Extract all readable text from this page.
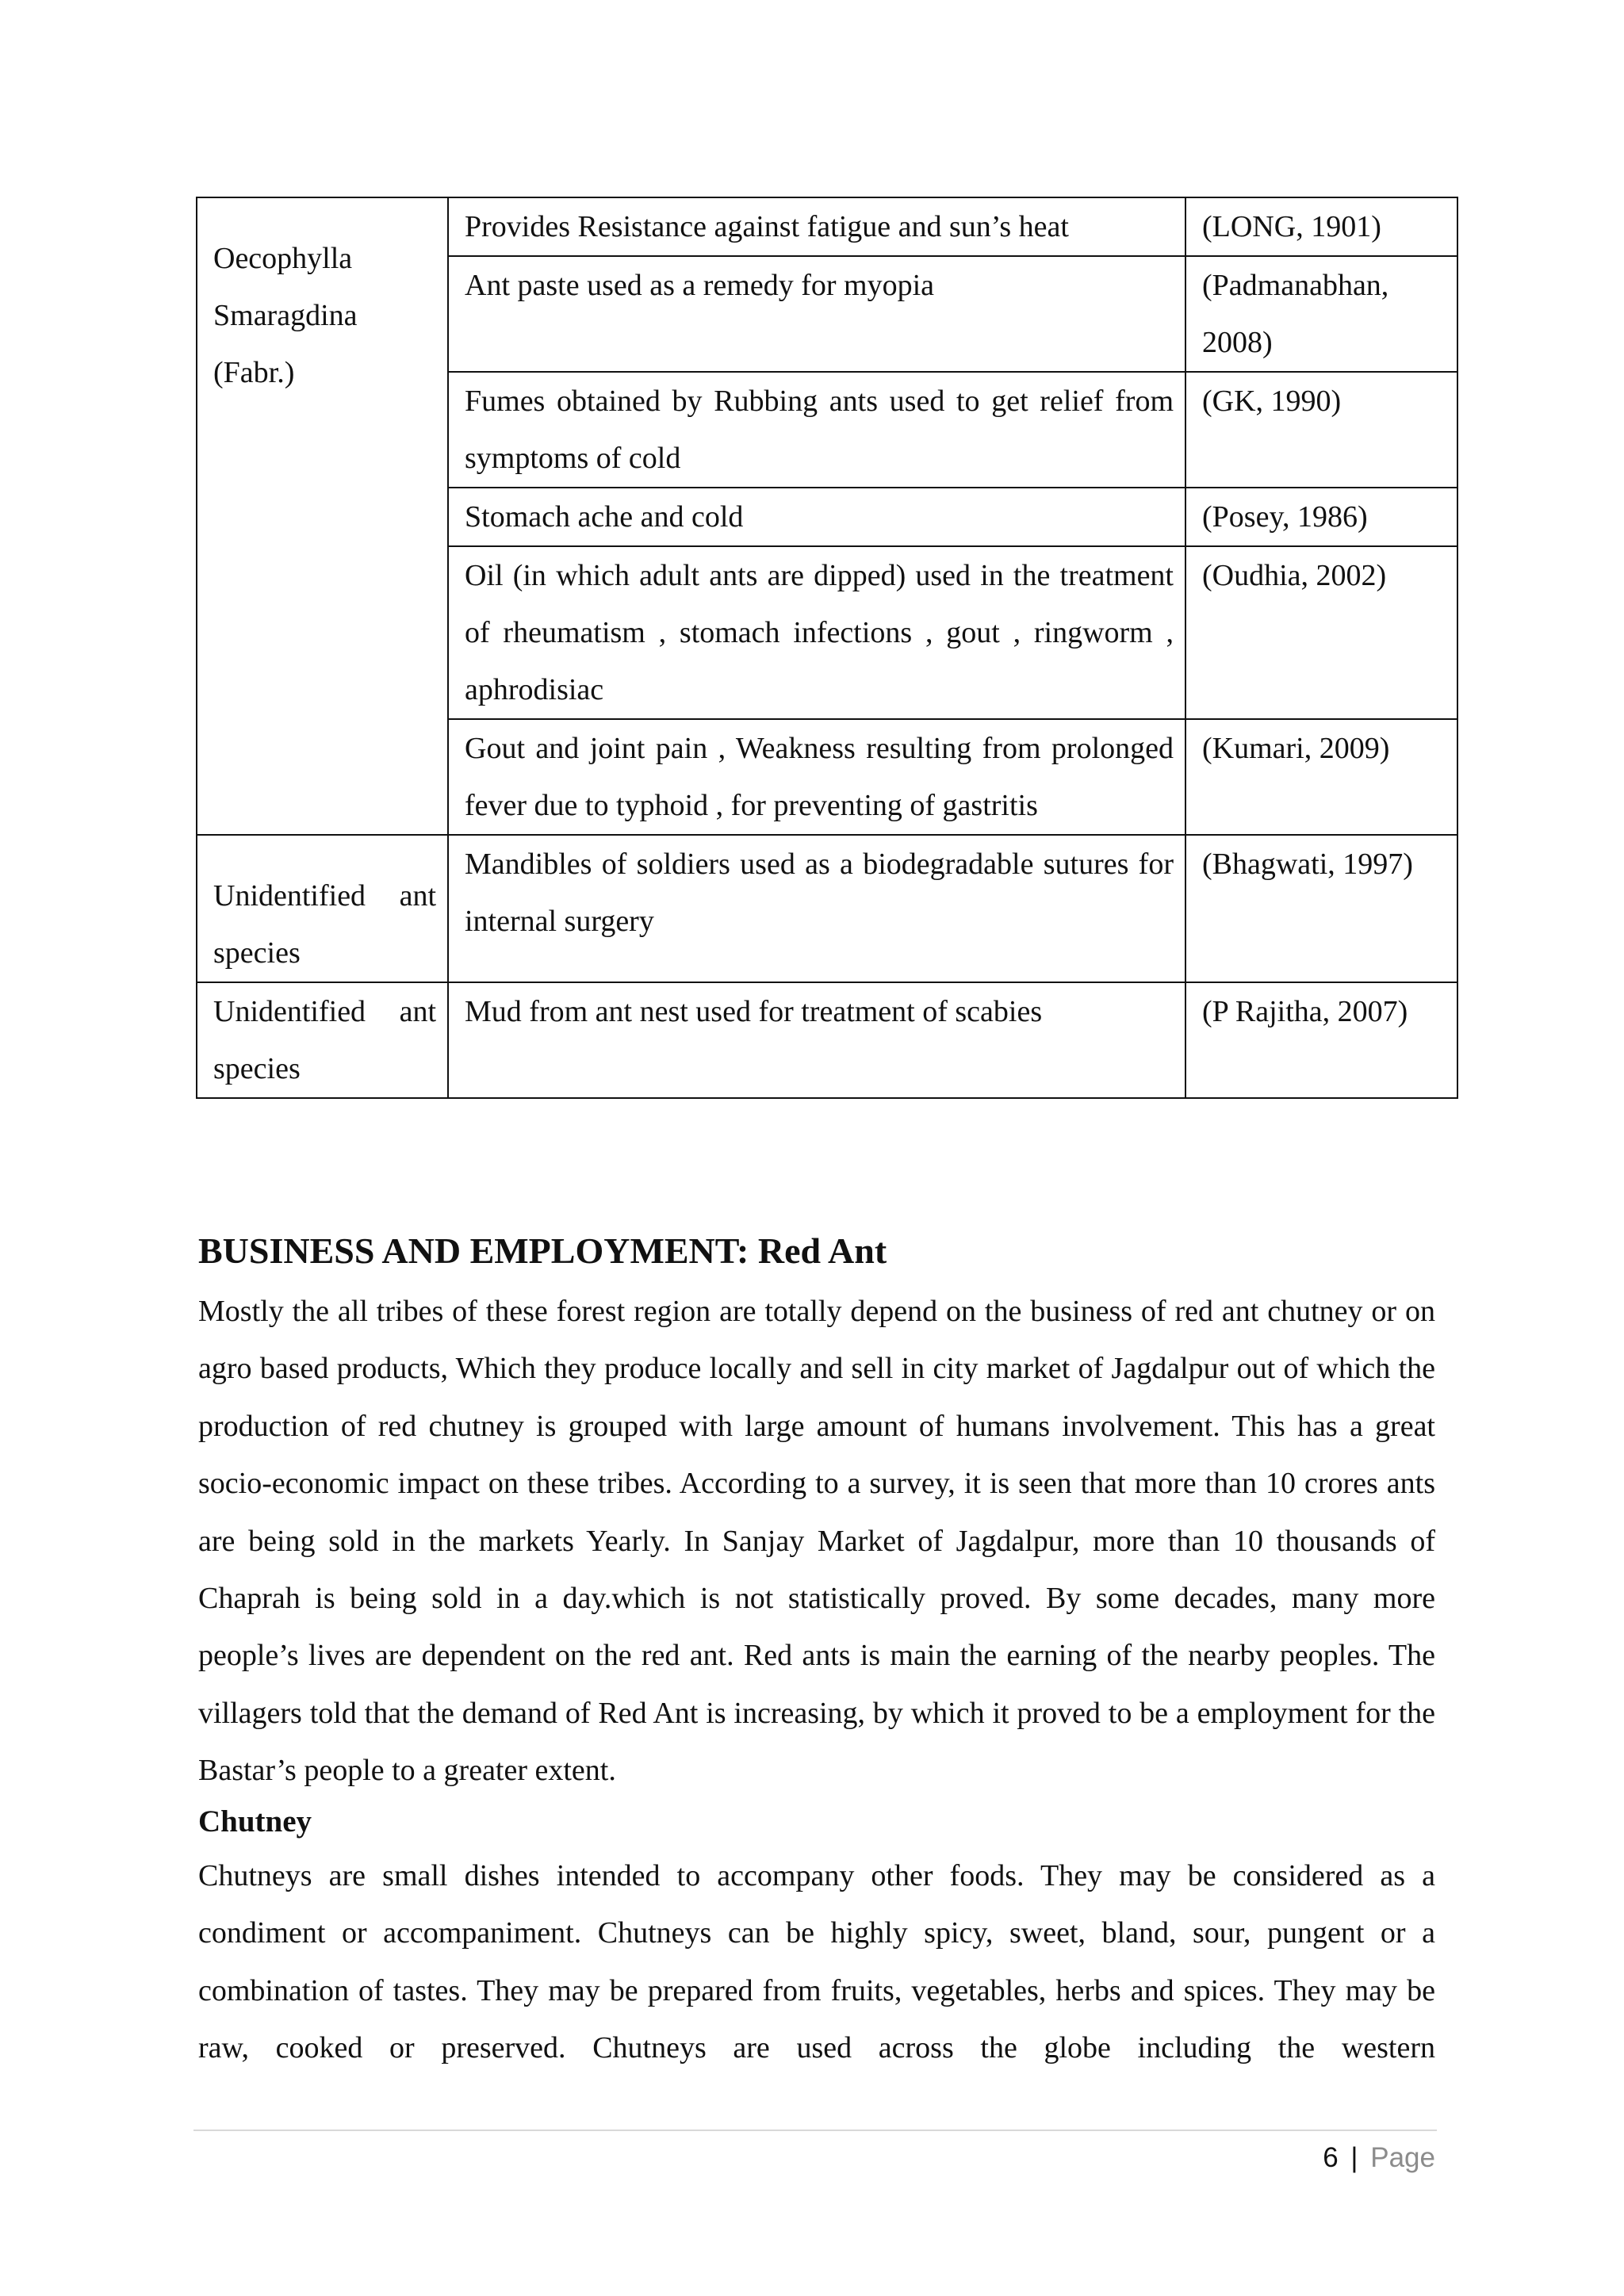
Oecophylla Smaragdina (Fabr.)	Provides Resistance against fatigue and sun’s heat	(LONG, 1901)
	Ant paste used as a remedy for myopia	(Padmanabhan, 2008)
	Fumes obtained by Rubbing ants used to get relief from symptoms of cold	(GK, 1990)
	Stomach ache and cold	(Posey, 1986)
	Oil (in which adult ants are dipped) used in the treatment of rheumatism , stomach infections , gout , ringworm , aphrodisiac	(Oudhia, 2002)
	Gout and joint pain , Weakness resulting from prolonged fever due to typhoid , for preventing of gastritis	(Kumari, 2009)
Unidentified ant species	Mandibles of soldiers used as a biodegradable sutures for internal surgery	(Bhagwati, 1997)
Unidentified ant species	Mud from ant nest used for treatment of scabies	(P Rajitha, 2007)
BUSINESS AND EMPLOYMENT: Red Ant

Mostly the all tribes of these forest region are totally depend on the business of red ant chutney or on agro based products, Which they produce locally and sell in city market of Jagdalpur out of which the production of red chutney is grouped with large amount of humans involvement. This has a great socio-economic impact on these tribes. According to a survey, it is seen that more than 10 crores ants are being sold in the markets Yearly. In Sanjay Market of Jagdalpur, more than 10 thousands of Chaprah is being sold in a day.which is not statistically proved. By some decades, many more people’s lives are dependent on the red ant. Red ants is main the earning of the nearby peoples. The villagers told that the demand of Red Ant is increasing, by which it proved to be a employment for the Bastar’s people to a greater extent.

Chutney

Chutneys are small dishes intended to accompany other foods. They may be considered as a condiment or accompaniment. Chutneys can be highly spicy, sweet, bland, sour, pungent or a combination of tastes. They may be prepared from fruits, vegetables, herbs and spices. They may be raw, cooked or preserved. Chutneys are used across the globe including the western

6 | Page
